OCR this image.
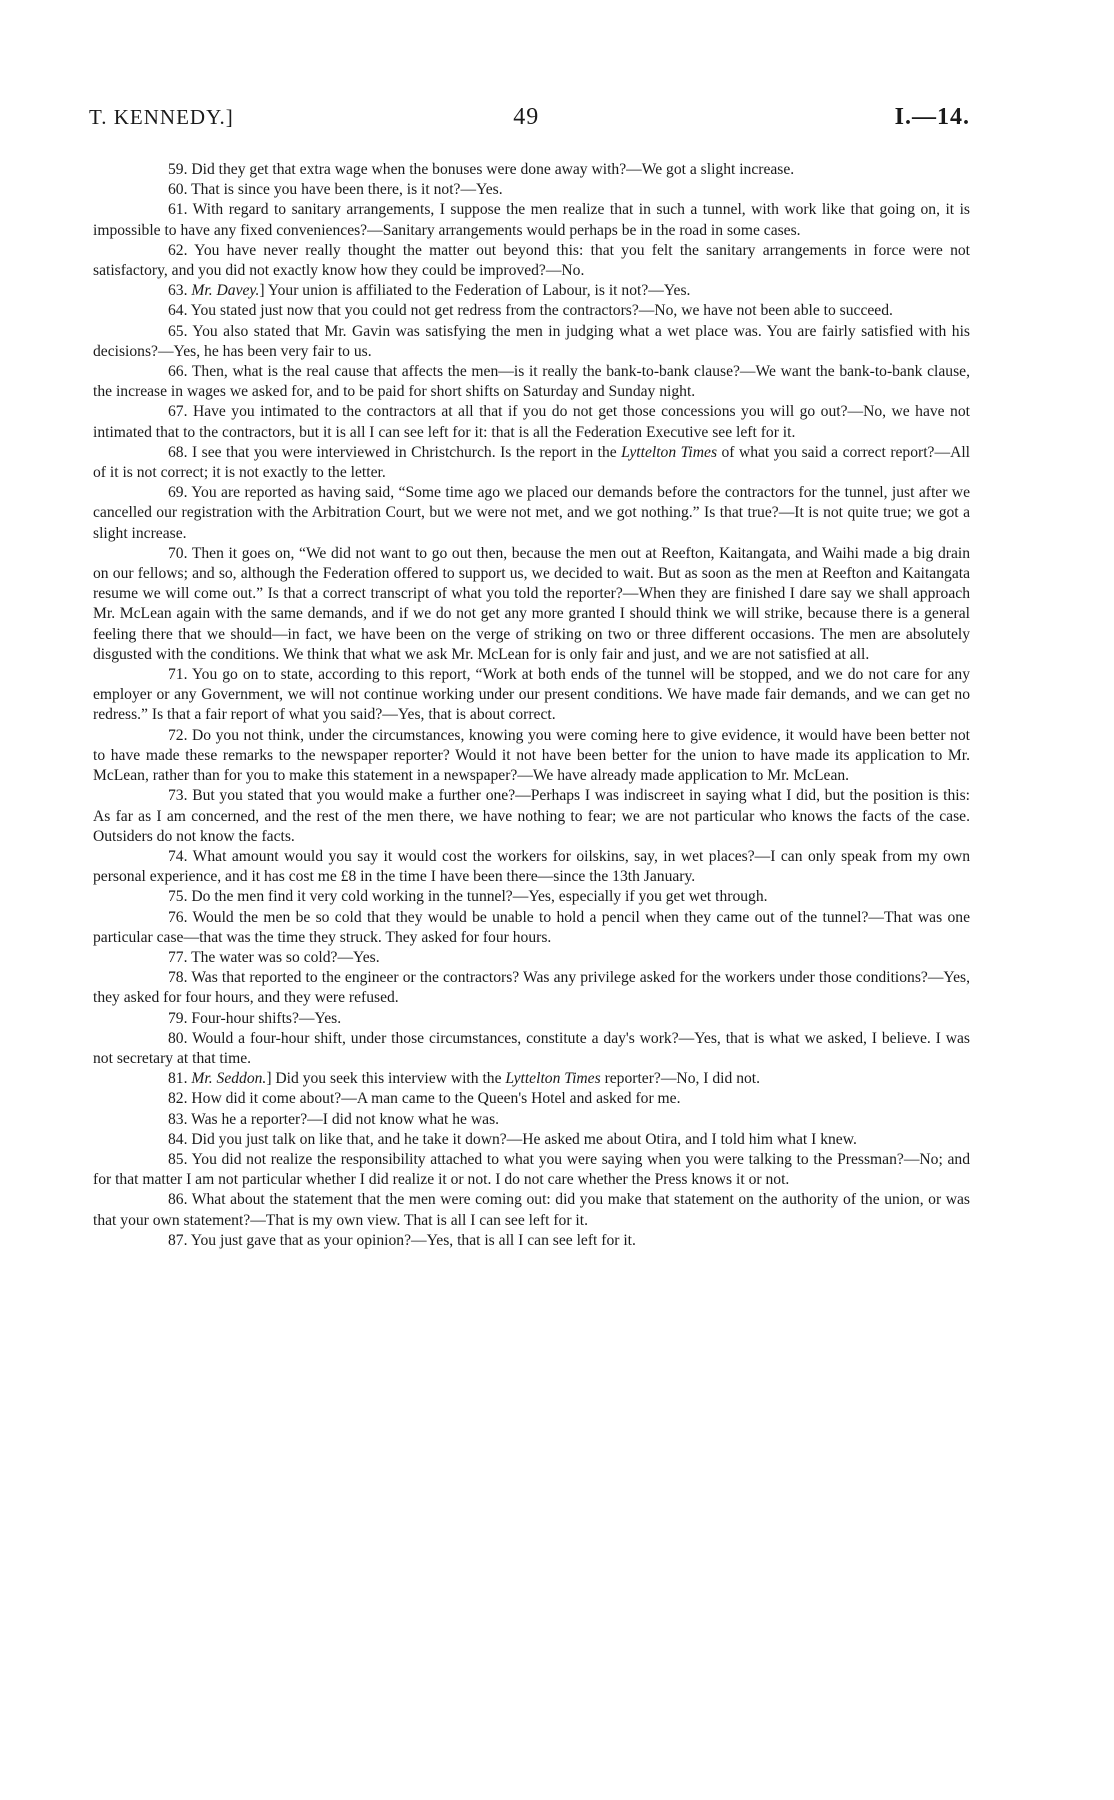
T. KENNEDY.]	49	I.—14.

59. Did they get that extra wage when the bonuses were done away with?—We got a slight increase.

60. That is since you have been there, is it not?—Yes.

61. With regard to sanitary arrangements, I suppose the men realize that in such a tunnel, with work like that going on, it is impossible to have any fixed conveniences?—Sanitary arrangements would perhaps be in the road in some cases.

62. You have never really thought the matter out beyond this: that you felt the sanitary arrangements in force were not satisfactory, and you did not exactly know how they could be improved?—No.

63. Mr. Davey.] Your union is affiliated to the Federation of Labour, is it not?—Yes.

64. You stated just now that you could not get redress from the contractors?—No, we have not been able to succeed.

65. You also stated that Mr. Gavin was satisfying the men in judging what a wet place was. You are fairly satisfied with his decisions?—Yes, he has been very fair to us.

66. Then, what is the real cause that affects the men—is it really the bank-to-bank clause?—We want the bank-to-bank clause, the increase in wages we asked for, and to be paid for short shifts on Saturday and Sunday night.

67. Have you intimated to the contractors at all that if you do not get those concessions you will go out?—No, we have not intimated that to the contractors, but it is all I can see left for it: that is all the Federation Executive see left for it.

68. I see that you were interviewed in Christchurch. Is the report in the Lyttelton Times of what you said a correct report?—All of it is not correct; it is not exactly to the letter.

69. You are reported as having said, “Some time ago we placed our demands before the contractors for the tunnel, just after we cancelled our registration with the Arbitration Court, but we were not met, and we got nothing.” Is that true?—It is not quite true; we got a slight increase.

70. Then it goes on, “We did not want to go out then, because the men out at Reefton, Kaitangata, and Waihi made a big drain on our fellows; and so, although the Federation offered to support us, we decided to wait. But as soon as the men at Reefton and Kaitangata resume we will come out.” Is that a correct transcript of what you told the reporter?—When they are finished I dare say we shall approach Mr. McLean again with the same demands, and if we do not get any more granted I should think we will strike, because there is a general feeling there that we should—in fact, we have been on the verge of striking on two or three different occasions. The men are absolutely disgusted with the conditions. We think that what we ask Mr. McLean for is only fair and just, and we are not satisfied at all.

71. You go on to state, according to this report, “Work at both ends of the tunnel will be stopped, and we do not care for any employer or any Government, we will not continue working under our present conditions. We have made fair demands, and we can get no redress.” Is that a fair report of what you said?—Yes, that is about correct.

72. Do you not think, under the circumstances, knowing you were coming here to give evidence, it would have been better not to have made these remarks to the newspaper reporter? Would it not have been better for the union to have made its application to Mr. McLean, rather than for you to make this statement in a newspaper?—We have already made application to Mr. McLean.

73. But you stated that you would make a further one?—Perhaps I was indiscreet in saying what I did, but the position is this: As far as I am concerned, and the rest of the men there, we have nothing to fear; we are not particular who knows the facts of the case. Outsiders do not know the facts.

74. What amount would you say it would cost the workers for oilskins, say, in wet places?—I can only speak from my own personal experience, and it has cost me £8 in the time I have been there—since the 13th January.

75. Do the men find it very cold working in the tunnel?—Yes, especially if you get wet through.

76. Would the men be so cold that they would be unable to hold a pencil when they came out of the tunnel?—That was one particular case—that was the time they struck. They asked for four hours.

77. The water was so cold?—Yes.

78. Was that reported to the engineer or the contractors? Was any privilege asked for the workers under those conditions?—Yes, they asked for four hours, and they were refused.

79. Four-hour shifts?—Yes.

80. Would a four-hour shift, under those circumstances, constitute a day's work?—Yes, that is what we asked, I believe. I was not secretary at that time.

81. Mr. Seddon.] Did you seek this interview with the Lyttelton Times reporter?—No, I did not.

82. How did it come about?—A man came to the Queen's Hotel and asked for me.

83. Was he a reporter?—I did not know what he was.

84. Did you just talk on like that, and he take it down?—He asked me about Otira, and I told him what I knew.

85. You did not realize the responsibility attached to what you were saying when you were talking to the Pressman?—No; and for that matter I am not particular whether I did realize it or not. I do not care whether the Press knows it or not.

86. What about the statement that the men were coming out: did you make that statement on the authority of the union, or was that your own statement?—That is my own view. That is all I can see left for it.

87. You just gave that as your opinion?—Yes, that is all I can see left for it.
